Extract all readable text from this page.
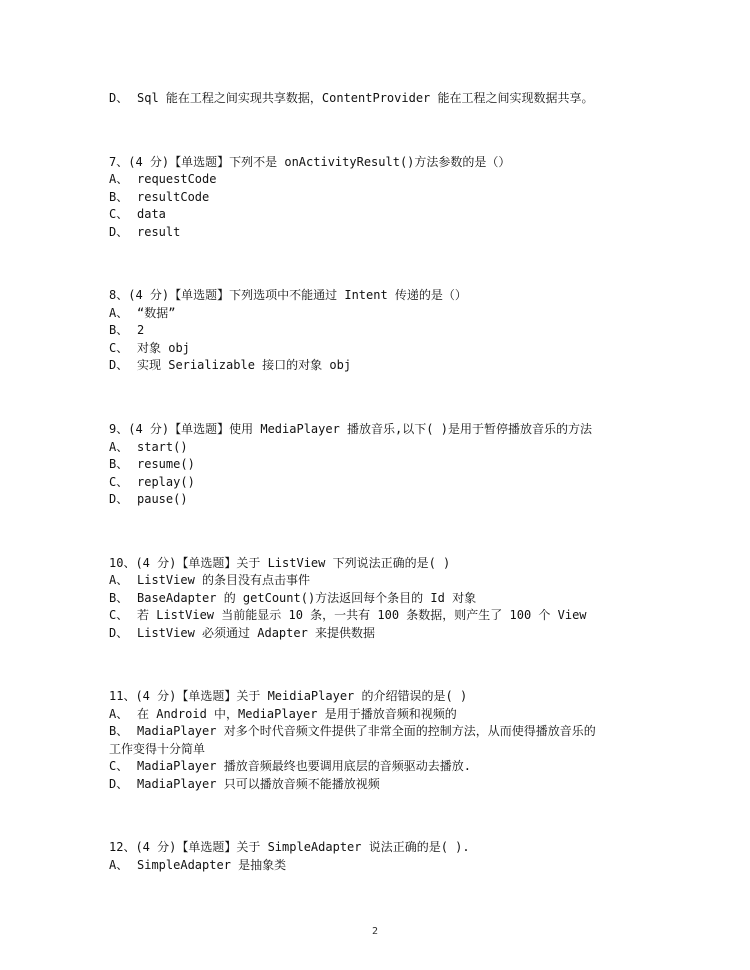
D、 Sql 能在工程之间实现共享数据，ContentProvider 能在工程之间实现数据共享。
7、(4 分)【单选题】下列不是 onActivityResult()方法参数的是（）
A、 requestCode
B、 resultCode
C、 data
D、 result
8、(4 分)【单选题】下列选项中不能通过 Intent 传递的是（）
A、 “数据”
B、 2
C、 对象 obj
D、 实现 Serializable 接口的对象 obj
9、(4 分)【单选题】使用 MediaPlayer 播放音乐,以下( )是用于暂停播放音乐的方法
A、 start()
B、 resume()
C、 replay()
D、 pause()
10、(4 分)【单选题】关于 ListView 下列说法正确的是( )
A、 ListView 的条目没有点击事件
B、 BaseAdapter 的 getCount()方法返回每个条目的 Id 对象
C、 若 ListView 当前能显示 10 条，一共有 100 条数据，则产生了 100 个 View
D、 ListView 必须通过 Adapter 来提供数据
11、(4 分)【单选题】关于 MeidiaPlayer 的介绍错误的是( )
A、 在 Android 中，MediaPlayer 是用于播放音频和视频的
B、 MadiaPlayer 对多个时代音频文件提供了非常全面的控制方法，从而使得播放音乐的
工作变得十分简单
C、 MadiaPlayer 播放音频最终也要调用底层的音频驱动去播放.
D、 MadiaPlayer 只可以播放音频不能播放视频
12、(4 分)【单选题】关于 SimpleAdapter 说法正确的是( ).
A、 SimpleAdapter 是抽象类
2
